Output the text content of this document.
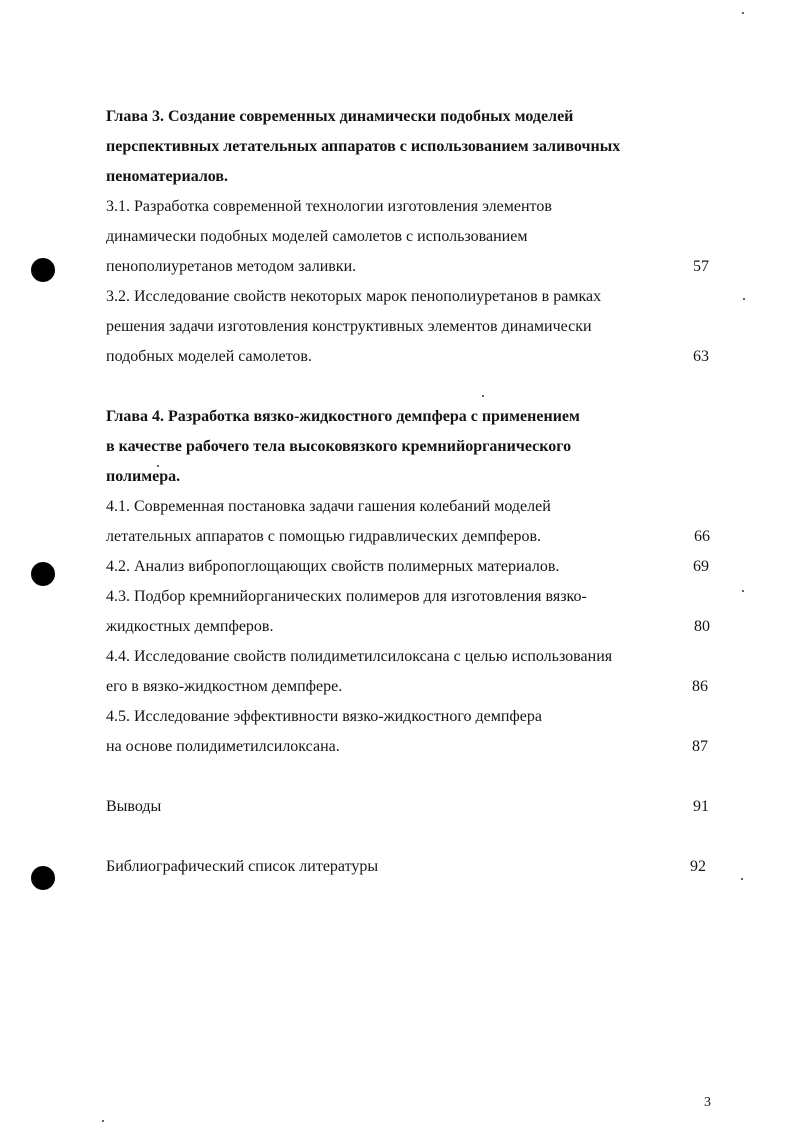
Глава 3. Создание современных динамически подобных моделей
перспективных летательных аппаратов с использованием заливочных
пеноматериалов.
3.1. Разработка современной технологии изготовления элементов
динамически подобных моделей самолетов с использованием
пенополиуретанов методом заливки.	57
3.2. Исследование свойств некоторых марок пенополиуретанов в рамках
решения задачи изготовления конструктивных элементов динамически
подобных моделей самолетов.	63
Глава 4. Разработка вязко-жидкостного демпфера с применением
в качестве рабочего тела высоковязкого кремнийорганического
полимера.
4.1. Современная постановка задачи гашения колебаний моделей
летательных аппаратов с помощью гидравлических демпферов.	66
4.2. Анализ вибропоглощающих свойств полимерных материалов.	69
4.3. Подбор кремнийорганических полимеров для изготовления вязко-
жидкостных демпферов.	80
4.4. Исследование свойств полидиметилсилоксана с целью использования
его в вязко-жидкостном демпфере.	86
4.5. Исследование эффективности вязко-жидкостного демпфера
на основе полидиметилсилоксана.	87
Выводы	91
Библиографический список литературы	92
3
